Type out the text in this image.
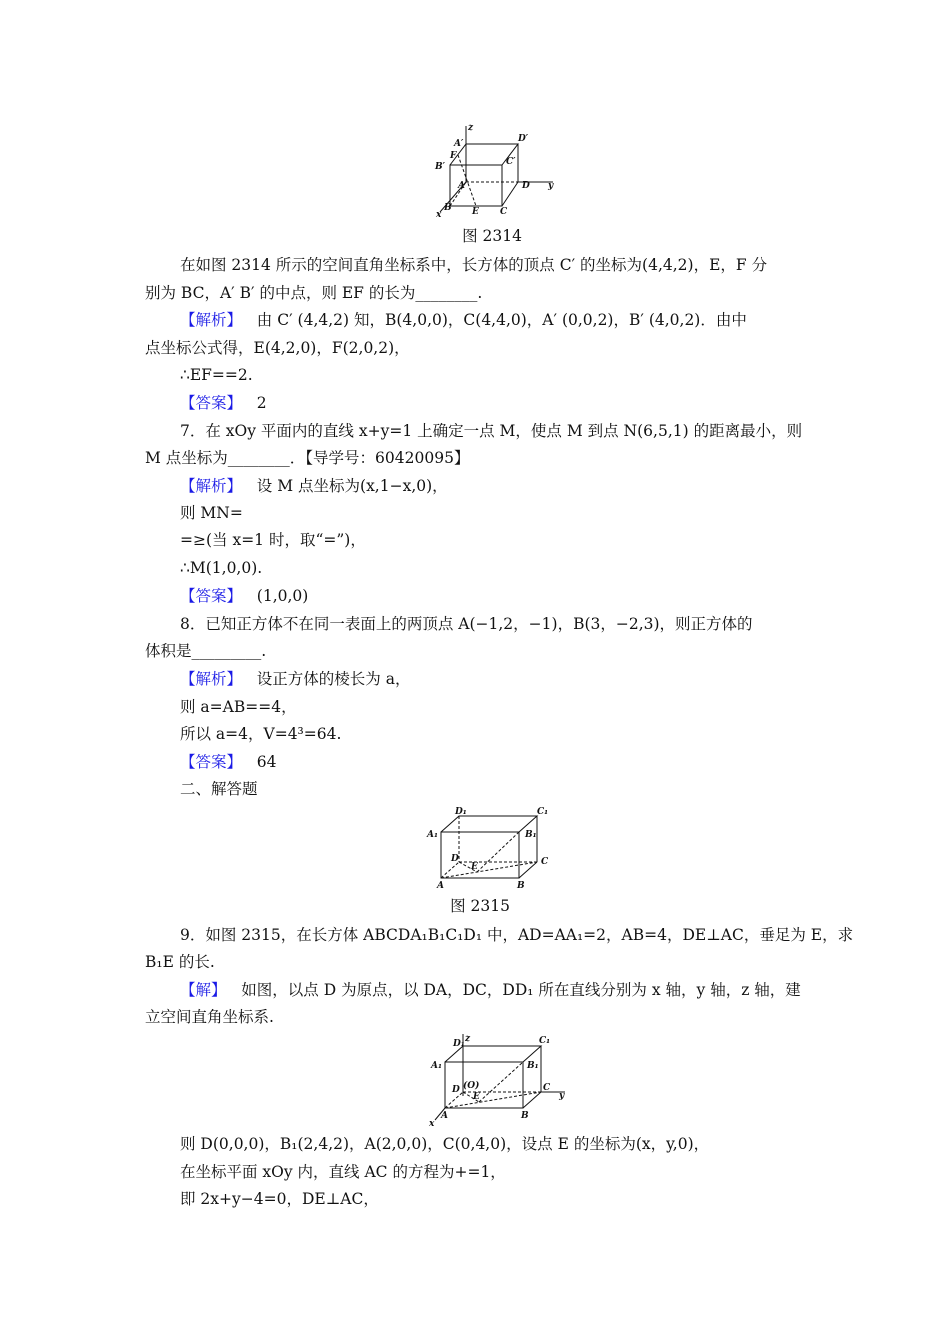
z
y
x
A′	D′
F
B′	C′
A	D
B E C
图 2314
在如图 2314 所示的空间直角坐标系中，长方体的顶点 C′ 的坐标为(4,4,2)，E，F 分
别为 BC，A′ B′ 的中点，则 EF 的长为________.
【解析】 由 C′ (4,4,2) 知，B(4,0,0)，C(4,4,0)，A′ (0,0,2)，B′ (4,0,2)．由中
点坐标公式得，E(4,2,0)，F(2,0,2)，
∴EF==2.
【答案】 2
7．在 xOy 平面内的直线 x+y=1 上确定一点 M，使点 M 到点 N(6,5,1) 的距离最小，则
M 点坐标为________．【导学号：60420095】
【解析】 设 M 点坐标为(x,1−x,0)，
则 MN=
=≥(当 x=1 时，取“=”)，
∴M(1,0,0).
【答案】 (1,0,0)
8．已知正方体不在同一表面上的两顶点 A(−1,2，−1)，B(3，−2,3)，则正方体的
体积是_________.
【解析】 设正方体的棱长为 a，
则 a=AB==4，
所以 a=4，V=4³=64.
【答案】 64
二、解答题
D₁	C₁
A₁	B₁
D	C
E
A	B
图 2315
9．如图 2315，在长方体 ABCDA₁B₁C₁D₁ 中，AD=AA₁=2，AB=4，DE⊥AC，垂足为 E，求
B₁E 的长.
【解】 如图，以点 D 为原点，以 DA，DC，DD₁ 所在直线分别为 x 轴，y 轴，z 轴，建
立空间直角坐标系.
z
D₁	C₁
A₁	B₁
D (O)
E
C
y
x
A	B
则 D(0,0,0)，B₁(2,4,2)，A(2,0,0)，C(0,4,0)，设点 E 的坐标为(x，y,0)，
在坐标平面 xOy 内，直线 AC 的方程为+=1，
即 2x+y−4=0，DE⊥AC，
